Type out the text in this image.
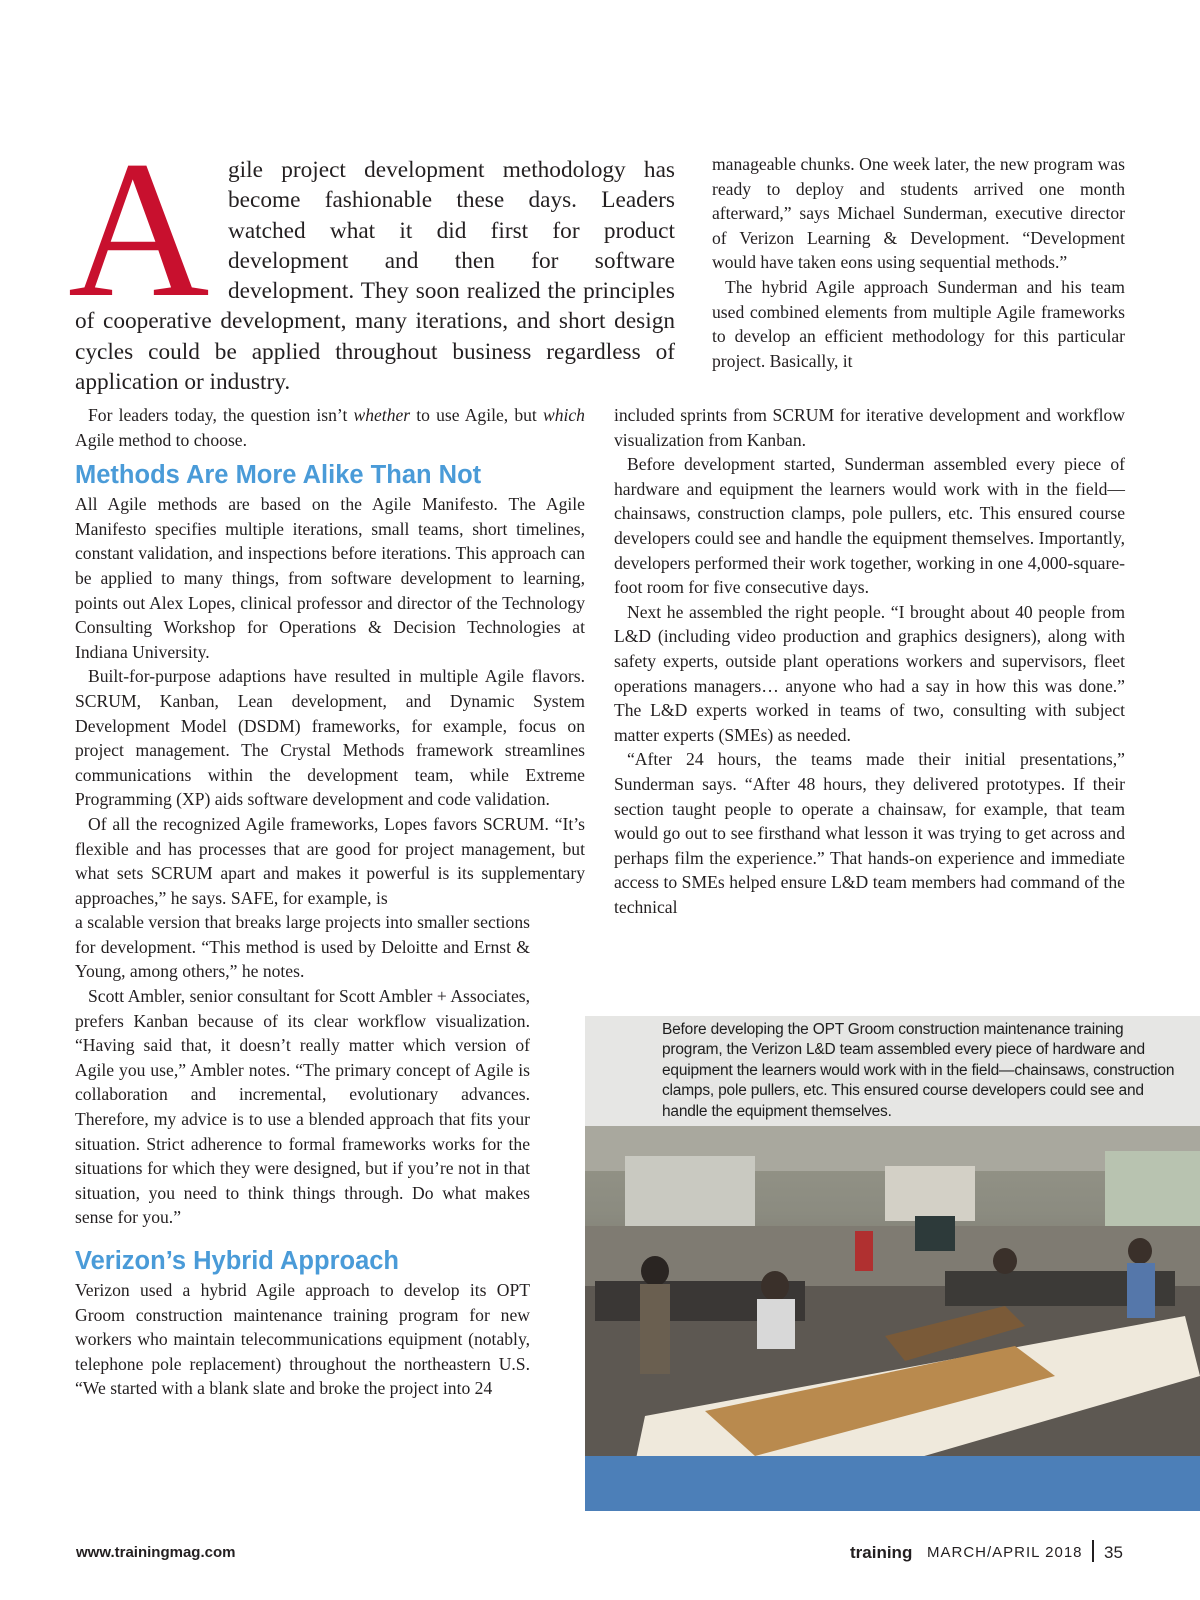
A gile project development methodology has become fashionable these days. Leaders watched what it did first for product development and then for software development. They soon realized the principles of cooperative development, many iterations, and short design cycles could be applied throughout business regardless of application or industry.

manageable chunks. One week later, the new program was ready to deploy and students arrived one month afterward,” says Michael Sunderman, executive director of Verizon Learning & Development. “Development would have taken eons using sequential methods.”

The hybrid Agile approach Sunderman and his team used combined elements from multiple Agile frameworks to develop an efficient methodology for this particular project. Basically, it

For leaders today, the question isn’t whether to use Agile, but which Agile method to choose.

Methods Are More Alike Than Not

All Agile methods are based on the Agile Manifesto. The Agile Manifesto specifies multiple iterations, small teams, short timelines, constant validation, and inspections before iterations. This approach can be applied to many things, from software development to learning, points out Alex Lopes, clinical professor and director of the Technology Consulting Workshop for Operations & Decision Technologies at Indiana University.

Built-for-purpose adaptions have resulted in multiple Agile flavors. SCRUM, Kanban, Lean development, and Dynamic System Development Model (DSDM) frameworks, for example, focus on project management. The Crystal Methods framework streamlines communications within the development team, while Extreme Programming (XP) aids software development and code validation.

Of all the recognized Agile frameworks, Lopes favors SCRUM. “It’s flexible and has processes that are good for project management, but what sets SCRUM apart and makes it powerful is its supplementary approaches,” he says. SAFE, for example, is

a scalable version that breaks large projects into smaller sections for development. “This method is used by Deloitte and Ernst & Young, among others,” he notes.

Scott Ambler, senior consultant for Scott Ambler + Associates, prefers Kanban because of its clear workflow visualization. “Having said that, it doesn’t really matter which version of Agile you use,” Ambler notes. “The primary concept of Agile is collaboration and incremental, evolutionary advances. Therefore, my advice is to use a blended approach that fits your situation. Strict adherence to formal frameworks works for the situations for which they were designed, but if you’re not in that situation, you need to think things through. Do what makes sense for you.”

Verizon’s Hybrid Approach

Verizon used a hybrid Agile approach to develop its OPT Groom construction maintenance training program for new workers who maintain telecommunications equipment (notably, telephone pole replacement) throughout the northeastern U.S. “We started with a blank slate and broke the project into 24

included sprints from SCRUM for iterative development and workflow visualization from Kanban.

Before development started, Sunderman assembled every piece of hardware and equipment the learners would work with in the field—chainsaws, construction clamps, pole pullers, etc. This ensured course developers could see and handle the equipment themselves. Importantly, developers performed their work together, working in one 4,000-square-foot room for five consecutive days.

Next he assembled the right people. “I brought about 40 people from L&D (including video production and graphics designers), along with safety experts, outside plant operations workers and supervisors, fleet operations managers… anyone who had a say in how this was done.” The L&D experts worked in teams of two, consulting with subject matter experts (SMEs) as needed.

“After 24 hours, the teams made their initial presentations,” Sunderman says. “After 48 hours, they delivered prototypes. If their section taught people to operate a chainsaw, for example, that team would go out to see firsthand what lesson it was trying to get across and perhaps film the experience.” That hands-on experience and immediate access to SMEs helped ensure L&D team members had command of the technical

Before developing the OPT Groom construction maintenance training program, the Verizon L&D team assembled every piece of hardware and equipment the learners would work with in the field—chainsaws, construction clamps, pole pullers, etc. This ensured course developers could see and handle the equipment themselves.
www.trainingmag.com	training MARCH/APRIL 2018 35
